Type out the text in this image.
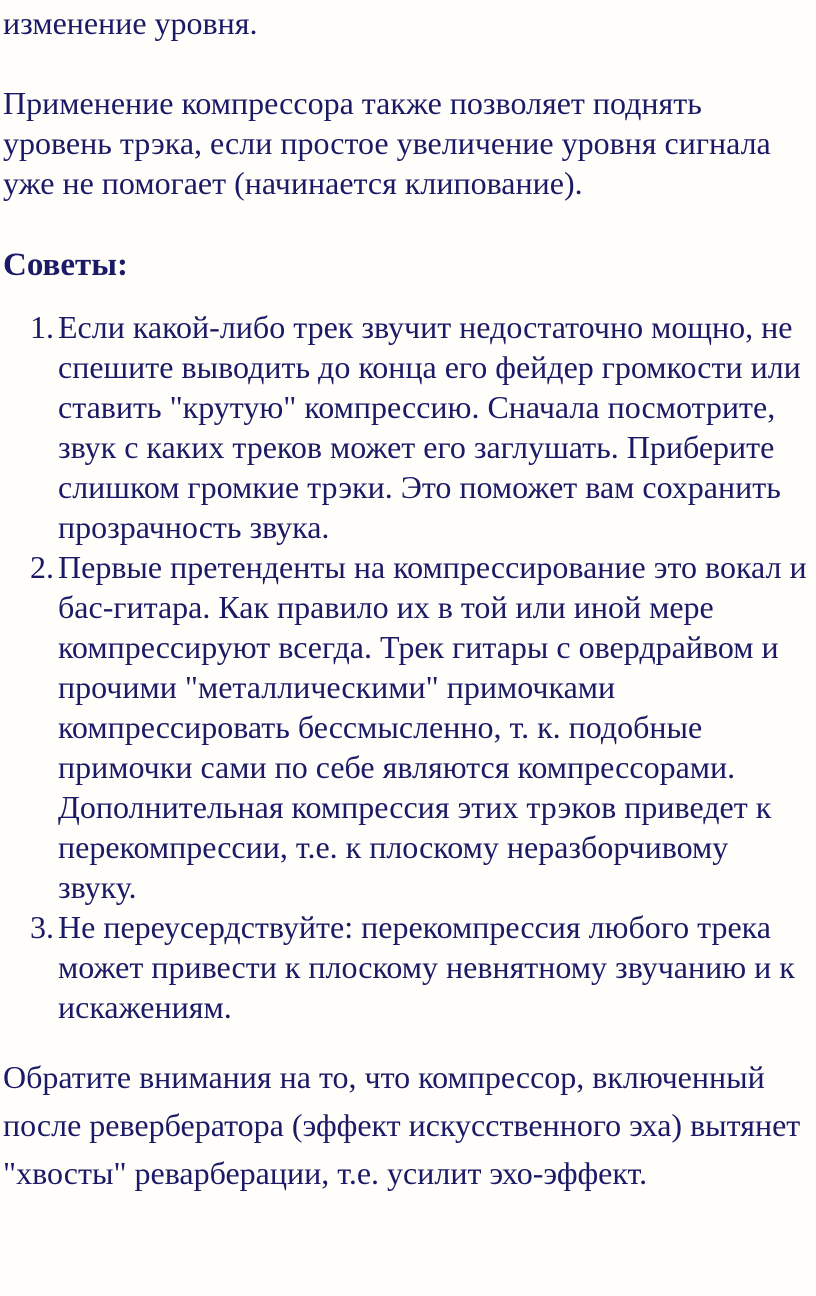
изменение уровня.

Применение компрессора также позволяет поднять уровень трэка, если простое увеличение уровня сигнала уже не помогает (начинается клипование).

Советы:
1. Если какой-либо трек звучит недостаточно мощно, не спешите выводить до конца его фейдер громкости или ставить "крутую" компрессию. Сначала посмотрите, звук с каких треков может его заглушать. Приберите слишком громкие трэки. Это поможет вам сохранить прозрачность звука.
2. Первые претенденты на компрессирование это вокал и бас-гитара. Как правило их в той или иной мере компрессируют всегда. Трек гитары с овердрайвом и прочими "металлическими" примочками компрессировать бессмысленно, т. к. подобные примочки сами по себе являются компрессорами. Дополнительная компрессия этих трэков приведет к перекомпрессии, т.е. к плоскому неразборчивому звуку.
3. Не переусердствуйте: перекомпрессия любого трека может привести к плоскому невнятному звучанию и к искажениям.

Обратите внимания на то, что компрессор, включенный после ревербератора (эффект искусственного эха) вытянет "хвосты" реварберации, т.е. усилит эхо-эффект.
